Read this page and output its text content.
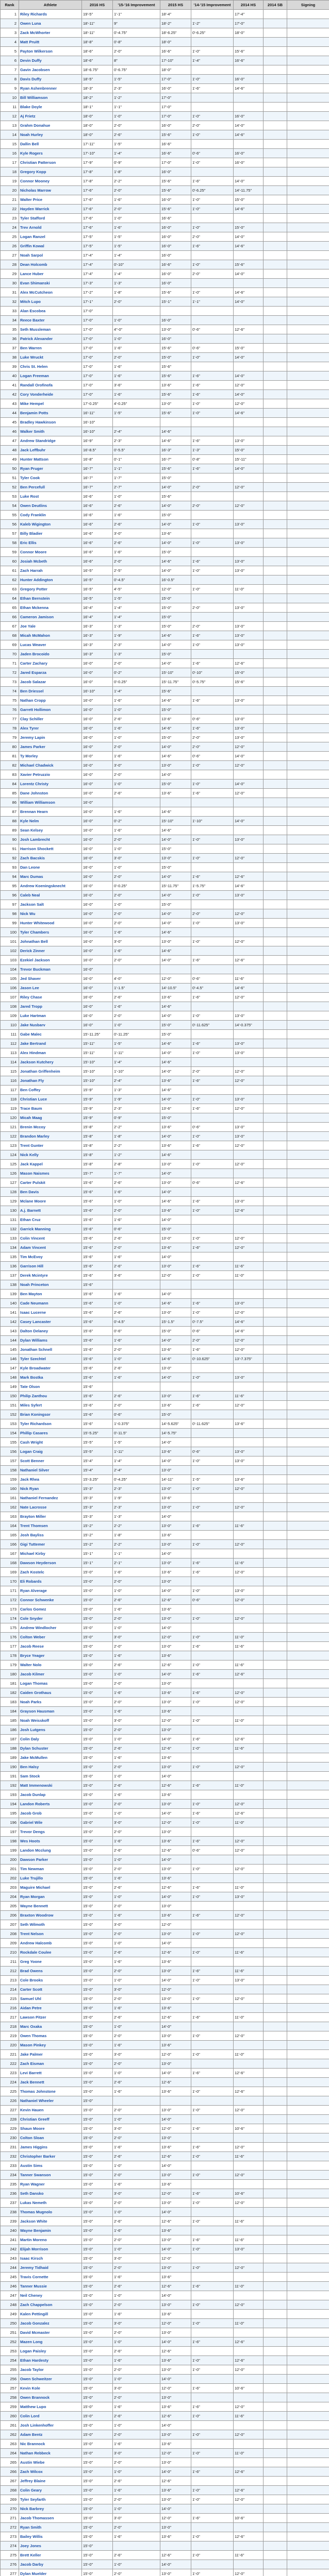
Rank	Athlete	2016 HS	'15-'16 Improvement	2015 HS	'14-'15 Improvement	2014 HS	2014 SB	Signing
1	Riley Richards	19'-5"	1'-1"	18'-4"		17'-4"		
2	Owen Luna	18'-11"	9"	18'-2"	1'-2"	17'-0"		
3	Zack McWhorter	18'-11"	0'-4.75"	18'-6.25"	0'-6.25"	18'-0"		
4	Matt Pruitt	18'-8"	0'-8"	18'-0"				
5	Payton Wilkerson	18'-6"	2'-0"	16'-6"	1'-0"	15'-6"		
6	Devin Duffy	18'-6"	8"	17'-10"	1'-4"	16'-6"		
7	Gavin Jacobsen	18'-6.75"	0'-6.75"	18'-0"				
8	Davis Duffy	18'-5"	1'-5"	17'-0"	1'-0"	16'-0"		
9	Ryan Ashenbrenner	18'-3"	2'-3"	16'-0"	1'-6"	14'-6"		
10	Bill Williamson	18'-2"	1'-2"	17'-0"				
11	Blake Doyle	18'-1"	1'-1"	17'-0"				
12	Aj Frietz	18'-0"	1'-0"	17'-0"	1'-0"	16'-0"		
13	Grahm Donahue	18'-0"	2'-0"	16'-0"	2'-0"	14'-0"		
14	Noah Hurley	18'-0"	2'-6"	15'-6"	1'-0"	14'-6"		
15	Dallin Bell	17'-11"	1'-5"	16'-6"				
16	Kyle Rogers	17'-10"	1'-4"	16'-6"	0'-6"	16'-0"		
17	Christian Patterson	17'-9"	0'-9"	17'-0"	1'-0"	16'-0"		
18	Gregory Kopp	17'-8"	1'-8"	16'-0"				
19	Connor Mooney	17'-8"	2'-2"	15'-6"	1'-6"	14'-0"		
20	Nicholas Marrow	17'-6"	2'-0"	15'-6"	0'-6.25"	14'-11.75"		
21	Walter Price	17'-6"	1'-6"	16'-0"	1'-0"	15'-0"		
22	Hayden Warrick	17'-6"	2'-0"	15'-6"	1'-0"	14'-6"		
23	Tyler Stafford	17'-6"	1'-0"	16'-6"				
24	Trev Arnold	17'-6"	1'-6"	16'-0"	1'-0"	15'-0"		
25	Logan Ranzel	17'-5"	1'-5"	16'-0"	2'-0"	14'-0"		
26	Griffin Kowal	17'-5"	1'-5"	16'-0"	1'-6"	14'-6"		
27	Noah Sarpol	17'-4"	1'-4"	16'-0"				
28	Dean Holcomb	17'-4"	0'-10"	16'-6"	1'-0"	15'-6"		
29	Lance Huber	17'-4"	1'-4"	16'-0"	2'-0"	14'-0"		
30	Evan Shimanski	17'-3"	1'-3"	16'-0"				
31	Alex McCutcheon	17'-2"	1'-8"	15'-6"	1'-0"	14'-6"		
32	Mitch Lupo	17'-1"	2'-0"	15'-1"	1'-1"	14'-0"		
33	Alan Escobea	17'-0"						
34	Reece Baxter	17'-0"	1'-0"	16'-0"				
35	Seth Mussleman	17'-0"	4"-0"	13'-0"	0'-6"	12'-6"		
36	Patrick Alexander	17'-0"	1'-0"	16'-0"				
37	Ben Warren	17'-0"	1'-6"	15'-6"	0'-6"	15'-0"		
38	Luke Wruckt	17'-0"	2'-0"	15'-0"	1'-0"	14'-0"		
39	Chris St. Helen	17'-0"	1'-6"	15'-6"				
40	Logan Freeman	17'-0"	1'-6"	15'-6"	1'-6"	14'-0"		
41	Randall Orofinofa	17'-0"	3'-6"	13'-6"	1'-6"	12'-0"		
42	Cory Vonderheide	17'-0"	1'-6"	15'-6"	1'-6"	14'-0"		
43	Mike Hempel	17'-0.25"	4'-0.25"	13'-0"	1'-0"	12'-0"		
44	Benjamin Potts	16'-11"	1'-5"	15'-6"	1'-0"	14'-6"		
45	Bradley Hawkinson	16'-10"						
46	Walker Smith	16'-10"	2'-4"	14'-6"				
47	Andrew Standridge	16'-9"	2'-3"	14'-6"	1'-6"	13'-0"		
48	Jack Leffbuhr	16'-8.5"	0'-5.5"	16'-3"	1'-3"	15'-0"		
49	Hunter Mattson	16'-8"	0'-1"	16'-7"	0'-8"	15'-11"		
50	Ryan Pruger	16'-7"	1'-1"	15'-6"	1'-6"	14'-0"		
51	Tyler Cook	16'-7"	1'-7"	15'-0"				
52	Ben Percefull	16'-7"	2'-7"	14'-0"	2'-0"	12'-0"		
53	Luke Rost	16'-6"	1'-0"	15'-6"				
54	Owen Deutlins	16'-6"	2'-6"	14'-0"	2'-0"	12'-0"		
55	Cody Franklin	16'-6"	1'-6"	15'-0"				
56	Kaleb Wigington	16'-6"	2'-6"	14'-0"	1'-0"	13'-0"		
57	Billy Bladier	16'-6"	3'-0"	13'-6"				
58	Eric Ellis	16'-6"	2'-6"	14'-0"	1'-0"	13'-0"		
59	Connor Moore	16'-6"	1'-6"	15'-0"				
60	Josiah Mcbeth	16'-6"	2'-0"	14'-6"	1'-6"	13'-0"		
61	Zach Harrah	16'-5"	2'-5"	14'-0"	1'-0"	13'-0"		
62	Hunter Addington	16'-5"	0'-4.5"	16'-0.5"				
63	Gregory Potter	16'-5"	4'-5"	12'-0"	1'-0"	11'-0"		
64	Ethan Bernstein	16'-5"	1'-5"	15'-0"				
65	Ethan Mckenna	16'-4"	1'-4"	15'-0"	2'-0"	13'-0"		
66	Cameron Jamison	16'-4"	1'-4"	15'-0"				
67	Joe Yale	16'-3"	1'-3"	15'-0"	2'-0"	13'-0"		
68	Micah McMahon	16'-3"	1'-9"	14'-6"	1'-6"	13'-0"		
69	Lucas Weaver	16'-3"	2'-3"	14'-0"	1'-0"	13'-0"		
70	Jaden Brocoido	16'-3"	1'-3"	15'-0"				
71	Carter Zachary	16'-0"	2'-0"	14'-0"	1'-6"	12'-6"		
72	Jared Esparza	16'-0"	0'-2"	15'-10"	0'-10"	15'-0"		
73	Jacob Salazar	16'-0"	0'-0.25"	15'-11.75"	0'-5.75"	15'-6"		
74	Ben Driessel	16'-10"	1'-4"	15'-6"				
75	Nathan Cropp	16'-0"	1'-6"	14'-6"	1'-6"	13'-0"		
76	Garrett Hollimon	16'-0"	1'-0"	15'-0"				
77	Clay Schiller	16'-0"	2'-6"	13'-6"	0'-6"	13'-0"		
78	Alex Tyrer	16'-0"	1'-6"	14'-6"	1'-6"	13'-0"		
79	Jeremy Lapin	16'-0"	1'-0"	15'-0"	2'-0"	13'-0"		
80	James Parker	16'-0"	2'-0"	14'-0"	2'-0"	12'-0"		
81	Ty Morley	16'-0"	1'-6"	14'-6"	0'-6"	14'-0"		
82	Michael Chadwick	16'-0"	3'-0"	13'-0"	1'-0"	12'-0"		
83	Xavier Petruzzio	16'-0"	2'-0"	14'-0"				
84	Lorentz Christy	16'-0"	1'-0"	15'-0"	1'-0"	14'-0"		
85	Dane Johnston	16'-0"	2'-6"	13'-6"	1'-6"	12'-0"		
86	William Williamson	16'-0"						
87	Brennan Hearn	16'-0"	1'-6"	14'-6"				
88	Kyle Nelm	16'-0"	0'-2"	15'-10"	1'-10"	14'-0"		
89	Sean Kelsey	16'-0"	1'-6"	14'-6"				
90	Josh Lambrecht	16'-0"	2'-0"	14'-0"	1'-0"	13'-0"		
91	Harrison Shockett	16'-0"	1'-0"	15'-0"				
92	Zach Bacskis	16'-0"	3'-0"	13'-0"	1'-0"	12'-0"		
93	Dan Leone	16'-0"	1'-0"	15'-0"				
94	Marc Dumas	16'-0"	2'-0"	14'-0"	1'-6"	12'-6"		
95	Andrew Koeningsknecht	16'-0"	0'-0.25"	15'-11.75"	1'-5.75"	14'-6"		
96	Caleb Neal	16'-0"	2'-0"	14'-0"	1'-0"	13'-0"		
97	Jackson Salt	16'-0"	1'-0"	15'-0"				
98	Nick Wu	16'-0"	2'-0"	14'-0"	2'-0"	12'-0"		
99	Hunter Whitewood	16'-0"	2'-0"	14'-0"	1'-0"	13'-0"		
100	Tyler Chambers	16'-0"	1'-6"	14'-6"				
101	Johnathan Bell	16'-0"	3'-0"	13'-0"	1'-0"	12'-0"		
102	Derick Zinner	16'-0"	1'-6"	14'-6"				
103	Ezekiel Jackson	16'-0"	2'-0"	14'-0"	1'-6"	12'-6"		
104	Trevor Buckman	16'-0"						
105	Jed Shaver	16'-0"	4'-0"	12'-0"	0'-6"	11'-6"		
106	Jason Lee	16'-0"	1'-1.5"	14'-10.5"	0'-4.5"	14'-6"		
107	Riley Chase	16'-0"	2'-6"	13'-6"	1'-6"	12'-0"		
108	Jared Tropp	16'-0"	1'-6"	14'-6"				
109	Luke Hartman	16'-0"	2'-0"	14'-0"	1'-0"	13'-0"		
110	Jake Nusbarv	16'-0"	1'-0"	15'-0"	0'-11.625"	14'-0.375"		
111	Gabe Malec	15'-11.25"	0'-11.25"	15'-0"				
112	Jake Bertrand	15'-11"	1'-5"	14'-6"	1'-6"	13'-0"		
113	Alex Hindman	15'-11"	1'-11"	14'-0"	1'-0"	13'-0"		
114	Jackson Kutchery	15'-10"	1'-4"	14'-6"				
115	Jonathan Griffenheim	15'-10"	1'-10"	14'-0"	2'-0"	12'-0"		
116	Jonathan Fly	15'-10"	2'-4"	13'-6"	1'-6"	12'-0"		
117	Ben Coffey	15'-9"	1'-3"	14'-6"				
118	Christian Luce	15'-9"	1'-9"	14'-0"	1'-0"	13'-0"		
119	Trace Baum	15'-9"	2'-3"	13'-6"	1'-6"	12'-0"		
120	Micah Maag	15'-9"	0'-9"	15'-0"				
121	Brenin Mccoy	15'-8"	2'-2"	13'-6"	0'-6"	13'-0"		
122	Brandon Marley	15'-8"	1'-8"	14'-0"	1'-0"	13'-0"		
123	Trent Gunter	15'-8"	2'-2"	13'-6"	1'-6"	12'-0"		
124	Nick Kelly	15'-8"	1'-2"	14'-6"				
125	Jack Kappel	15'-8"	2'-8"	13'-0"	1'-0"	12'-0"		
126	Mason Naismes	15'-7"	1'-7"	14'-0"				
127	Carter Pulskit	15'-6"	2'-6"	13'-0"	0'-6"	12'-6"		
128	Ben Davis	15'-6"	1'-6"	14'-0"				
129	Mclane Moore	15'-6"	1'-0"	14'-6"	1'-6"	13'-0"		
130	A.j. Barnett	15'-6"	2'-0"	13'-6"	1'-0"	12'-6"		
131	Ethan Cruz	15'-6"	1'-6"	14'-0"				
132	Garrick Manning	15'-6"	0'-6"	15'-0"				
133	Colin Vincent	15'-6"	2'-6"	13'-0"	1'-0"	12'-0"		
134	Adam Vincent	15'-6"	2'-0"	13'-6"	1'-6"	12'-0"		
135	Tim McEvoy	15'-6"	1'-6"	14'-0"				
136	Garrison Hill	15'-6"	2'-6"	13'-0"	1'-6"	11'-6"		
137	Derek Mcintyre	15'-6"	3'-6"	12'-0"	1'-0"	11'-0"		
138	Noah Princeton	15'-6"						
139	Ben Mayton	15'-6"	1'-6"	14'-0"				
140	Cade Neumann	15'-6"	1'-0"	14'-6"	1'-6"	13'-0"		
141	Isaac Lucerne	15'-6"	2'-6"	13'-0"	1'-0"	12'-0"		
142	Casey Lancaster	15'-6"	0'-4.5"	15'-1.5"	0'-7.5"	14'-6"		
143	Dalton Delaney	15'-6"	0'-6"	15'-0"	0'-6"	14'-6"		
144	Dylan Williams	15'-6"	1'-6"	14'-0"	2'-0"	12'-0"		
145	Jonathan Schnell	15'-6"	2'-0"	13'-6"	1'-6"	12'-0"		
146	Tyler Szechtel	15'-6"	1'-0"	14'-6"	0'-10.625"	13'-7.375"		
147	Kyle Broadwater	15'-6"	2'-6"	13'-0"				
148	Mark Bostka	15'-6"	1'-6"	14'-0"	1'-0"	13'-0"		
149	Tate Olson	15'-6"						
150	Philip Zanthou	15'-6"	2'-6"	13'-0"	1'-6"	11'-6"		
151	Miles Syfert	15'-6"	2'-0"	13'-6"	1'-6"	12'-0"		
152	Brian Koningsor	15'-6"	0'-6"	15'-0"				
153	Tyler Richardson	15'-6"	1'-0.375"	14'-5.625"	0'-11.625"	13'-6"		
154	Phillip Casares	15'-5.25"	0'-11.5"	14'-5.75"				
155	Cash Wright	15'-5"	1'-5"	14'-0"				
156	Logan Craig	15'-5"	1'-11"	13'-6"	0'-6"	13'-0"		
157	Scott Benner	15'-4"	1'-4"	14'-0"	1'-0"	13'-0"		
158	Nathaniel Silver	15'-4"	2'-4"	13'-0"				
159	Jack Rhea	15'-3.25"	0'-4.25"	14'-11"	1'-5"	13'-6"		
160	Nick Ryan	15'-3"	2'-3"	13'-0"	1'-0"	12'-0"		
161	Nathaniel Fernandez	15'-3"	1'-9"	13'-6"				
162	Nate Lacrosse	15'-3"	2'-3"	13'-0"	1'-0"	12'-0"		
163	Brayton Miller	15'-3"	1'-3"	14'-0"				
164	Trent Thomsen	15'-2"	2'-2"	13'-0"	1'-6"	11'-6"		
165	Josh Bayliss	15'-2"	1'-8"	13'-6"				
166	Gigi Tuttemer	15'-2"	2'-2"	13'-0"	1'-0"	12'-0"		
167	Michael Kirby	15'-1"	1'-1"	14'-0"				
168	Dawson Heyderson	15'-1"	2'-1"	13'-0"	1'-6"	11'-6"		
169	Zach Kostelc	15'-0"	1'-6"	13'-6"	1'-6"	12'-0"		
170	Eli Robards	15'-0"	2'-0"	13'-0"				
171	Ryan Alverage	15'-0"	1'-0"	14'-0"	1'-0"	13'-0"		
172	Connor Schwenke	15'-0"	2'-6"	12'-6"	0'-6"	12'-0"		
173	Carlos Gomez	15'-0"	1'-6"	13'-6"				
174	Cole Snyder	15'-0"	2'-0"	13'-0"	1'-0"	12'-0"		
175	Andrew Windlocher	15'-0"	1'-0"	14'-0"				
176	Colton Weber	15'-0"	3'-0"	12'-0"	1'-0"	11'-0"		
177	Jacob Reese	15'-0"	2'-0"	13'-0"	1'-6"	11'-6"		
178	Bryce Yeager	15'-0"	1'-6"	13'-6"				
179	Walter Nolo	15'-0"	2'-6"	12'-6"	1'-0"	11'-6"		
180	Jacob Kilmer	15'-0"	1'-0"	14'-0"	1'-6"	12'-6"		
181	Logan Thomas	15'-0"	2'-0"	13'-0"				
182	Caiden Grothaus	15'-0"	1'-6"	13'-6"	1'-6"	12'-0"		
183	Noah Parks	15'-0"	2'-0"	13'-0"	1'-0"	12'-0"		
184	Grayson Hausman	15'-0"	1'-6"	13'-6"				
185	Noah Weisskoff	15'-0"	3'-0"	12'-0"	1'-0"	11'-0"		
186	Josh Lutgens	15'-0"	2'-0"	13'-0"				
187	Colin Daly	15'-0"	1'-0"	14'-0"	1'-6"	12'-6"		
188	Dylan Schuster	15'-0"	2'-6"	12'-6"	1'-0"	11'-6"		
189	Jake McMullen	15'-0"	1'-6"	13'-6"				
190	Ben Halsy	15'-0"	2'-0"	13'-0"	1'-0"	12'-0"		
191	Sam Stock	15'-0"	1'-0"	14'-0"				
192	Matt Immenowski	15'-0"	2'-6"	12'-6"	1'-6"	11'-0"		
193	Jacob Dunlap	15'-0"	1'-6"	13'-6"				
194	Landon Roberts	15'-0"	2'-0"	13'-0"	1'-0"	12'-0"		
195	Jacob Grob	15'-0"	1'-0"	14'-0"	1'-6"	12'-6"		
196	Gabriel Wile	15'-0"	3'-0"	12'-0"	1'-0"	11'-0"		
197	Trevor Dengs	15'-0"	2'-0"	13'-0"				
198	Wes Hoots	15'-0"	1'-6"	13'-6"	1'-6"	12'-0"		
199	Landon Mcclung	15'-0"	2'-6"	12'-6"	0'-6"	12'-0"		
200	Dawson Parker	15'-0"	1'-0"	14'-0"				
201	Tim Newman	15'-0"	2'-0"	13'-0"	1'-0"	12'-0"		
202	Luke Trujillo	15'-0"	1'-6"	13'-6"				
203	Maguire Michael	15'-0"	2'-6"	12'-6"	1'-6"	11'-0"		
204	Ryan Morgan	15'-0"	1'-0"	14'-0"	1'-0"	13'-0"		
205	Wayne Bennett	15'-0"	2'-0"	13'-0"				
206	Braxton Woodrow	15'-0"	1'-6"	13'-6"	1'-6"	12'-0"		
207	Seth Wilmoth	15'-0"	3'-0"	12'-0"				
208	Trent Nelson	15'-0"	2'-0"	13'-0"	1'-0"	12'-0"		
209	Andrew Halcomb	15'-0"	1'-0"	14'-0"				
210	Rockdale Coulee	15'-0"	2'-6"	12'-6"	1'-0"	11'-6"		
211	Greg Yoone	15'-0"	1'-6"	13'-6"				
212	Brad Owens	15'-0"	2'-0"	13'-0"	1'-6"	11'-6"		
213	Cole Brooks	15'-0"	1'-0"	14'-0"	1'-0"	13'-0"		
214	Carter Scott	15'-0"	3'-0"	12'-0"				
215	Samuel Uhl	15'-0"	2'-0"	13'-0"	1'-0"	12'-0"		
216	Aidan Petre	15'-0"	1'-6"	13'-6"				
217	Lawson Pitzer	15'-0"	2'-6"	12'-6"	1'-6"	11'-0"		
218	Marc Oxaka	15'-0"	1'-0"	14'-0"				
219	Owen Thomas	15'-0"	2'-0"	13'-0"	1'-0"	12'-0"		
220	Mason Pinkey	15'-0"	1'-6"	13'-6"				
221	Jake Palmer	15'-0"	3'-0"	12'-0"	1'-0"	11'-0"		
222	Zach Eisman	15'-0"	2'-0"	13'-0"				
223	Levi Barrett	15'-0"	1'-0"	14'-0"	1'-6"	12'-6"		
224	Jack Bennett	15'-0"	2'-6"	12'-6"				
225	Thomas Johnstone	15'-0"	1'-6"	13'-6"	1'-0"	12'-6"		
226	Nathaniel Wheeler	15'-0"						
227	Kevin Hauen	15'-0"	2'-0"	13'-0"	1'-0"	12'-0"		
228	Christian Greeff	15'-0"	1'-0"	14'-0"				
229	Shaun Moore	15'-0"	3'-0"	12'-0"	1'-6"	10'-6"		
230	Colton Sloan	15'-0"	2'-0"	13'-0"				
231	James Higgins	15'-0"	1'-6"	13'-6"	1'-6"	12'-0"		
232	Christopher Barker	15'-0"	2'-6"	12'-6"	1'-0"	11'-6"		
233	Austin Sims	15'-0"	1'-0"	14'-0"				
234	Tanner Swanson	15'-0"	2'-0"	13'-0"	1'-0"	12'-0"		
235	Ryan Wagner	15'-0"	1'-6"	13'-6"				
236	Seth Dansko	15'-0"	3'-0"	12'-0"	1'-6"	10'-6"		
237	Lukas Nemeth	15'-0"	2'-0"	13'-0"	1'-0"	12'-0"		
238	Thomas Mugnolo	15'-0"	1'-0"	14'-0"				
239	Jackson White	15'-0"	2'-6"	12'-6"	1'-0"	11'-6"		
240	Wayne Benjamin	15'-0"	1'-6"	13'-6"				
241	Martin Moreno	15'-0"	2'-0"	13'-0"	1'-6"	11'-6"		
242	Elijah Morrison	15'-0"	1'-0"	14'-0"	1'-0"	13'-0"		
243	Isaac Kirsch	15'-0"	3'-0"	12'-0"				
244	Jeremy Tidhaid	15'-0"	2'-0"	13'-0"	1'-0"	12'-0"		
245	Travis Cornette	15'-0"	1'-6"	13'-6"				
246	Tanner Mussie	15'-0"	2'-6"	12'-6"	1'-6"	11'-0"		
247	Neil Cheney	15'-0"	1'-0"	14'-0"				
248	Zach Chappelson	15'-0"	2'-0"	13'-0"	1'-0"	12'-0"		
249	Kalen Pettingill	15'-0"	1'-6"	13'-6"				
250	Jacob Gonzalez	15'-0"	3'-0"	12'-0"	1'-0"	11'-0"		
251	David Mcmaster	15'-0"	2'-0"	13'-0"				
252	Mazen Long	15'-0"	1'-0"	14'-0"	1'-6"	12'-6"		
253	Logan Paisley	15'-0"	2'-6"	12'-6"				
254	Ethan Hardesty	15'-0"	1'-6"	13'-6"	1'-0"	12'-6"		
255	Jacob Taylor	15'-0"	2'-0"	13'-0"	1'-0"	12'-0"		
256	Owen Schweitzer	15'-0"	1'-0"	14'-0"				
257	Kevin Kole	15'-0"	3'-0"	12'-0"	1'-6"	10'-6"		
258	Owen Brannock	15'-0"	2'-0"	13'-0"				
259	Matthew Lupo	15'-0"	1'-6"	13'-6"	1'-6"	12'-0"		
260	Colin Lord	15'-0"	2'-6"	12'-6"	1'-0"	11'-6"		
261	Josh Linkenhoffer	15'-0"	1'-0"	14'-0"				
262	Adam Bentz	15'-0"	2'-0"	13'-0"	1'-0"	12'-0"		
263	Nic Brannock	15'-0"	1'-6"	13'-6"				
264	Nathan Rebbeck	15'-0"	3'-0"	12'-0"	1'-0"	11'-0"		
265	Austin Wiebe	15'-0"	2'-0"	13'-0"				
266	Zach Wilcox	15'-0"	1'-0"	14'-0"	1'-6"	12'-6"		
267	Jeffrey Blaine	15'-0"	2'-6"	12'-6"				
268	Colin Geary	15'-0"	1'-6"	13'-6"	1'-0"	12'-6"		
269	Tyler Seyfarth	15'-0"	2'-0"	13'-0"	1'-0"	12'-0"		
270	Nick Barbrey	15'-0"	1'-0"	14'-0"				
271	Jacob Thomassen	15'-0"	3'-0"	12'-0"	1'-6"	10'-6"		
272	Ryan Smith	15'-0"	2'-0"	13'-0"				
273	Bailey Willis	15'-0"	1'-6"	13'-6"	1'-0"	12'-6"		
274	Joey Jones	15'-0"						
275	Brett Keller	15'-0"	2'-6"	12'-6"	1'-0"	11'-6"		
276	Jacob Darby	15'-0"	1'-0"	14'-0"				
277	Dylan Muelder	15'-0"	2'-0"	13'-0"	1'-0"	12'-0"		
